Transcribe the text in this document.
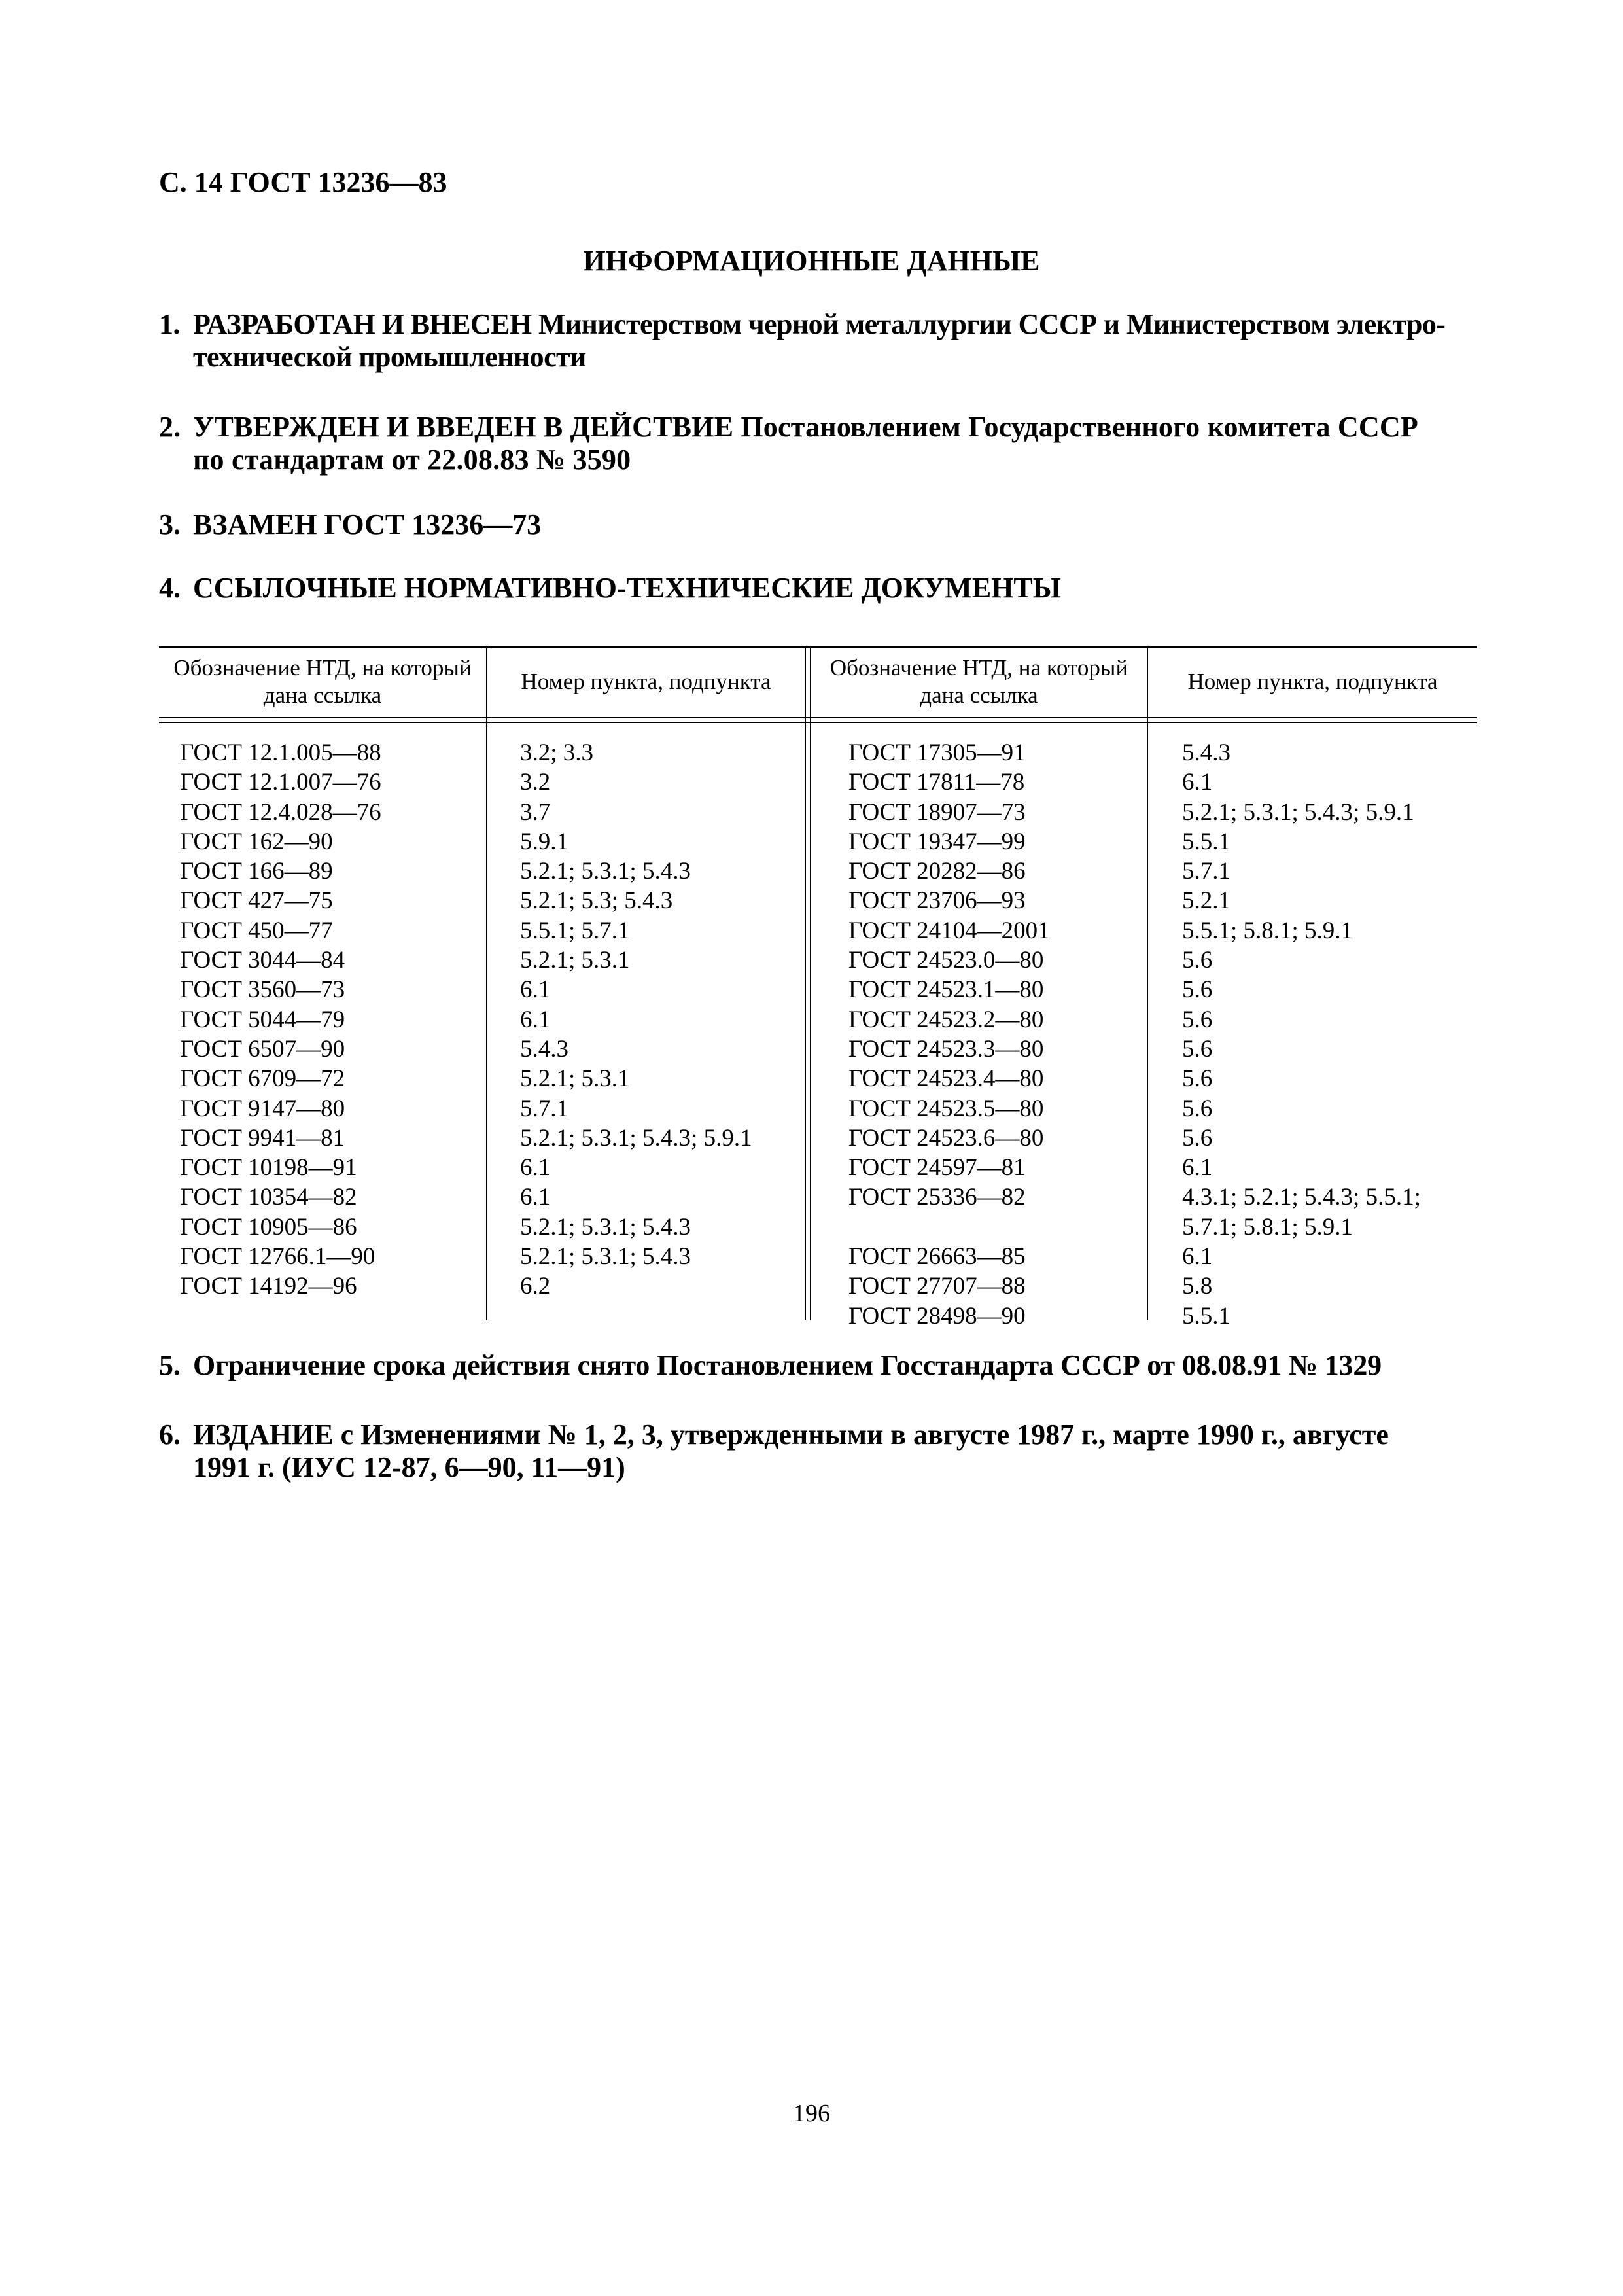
С. 14 ГОСТ 13236—83
ИНФОРМАЦИОННЫЕ ДАННЫЕ
1. РАЗРАБОТАН И ВНЕСЕН Министерством черной металлургии СССР и Министерством электро-
технической промышленности
2. УТВЕРЖДЕН И ВВЕДЕН В ДЕЙСТВИЕ Постановлением Государственного комитета СССР
по стандартам от 22.08.83 № 3590
3. ВЗАМЕН ГОСТ 13236—73
4. ССЫЛОЧНЫЕ НОРМАТИВНО-ТЕХНИЧЕСКИЕ ДОКУМЕНТЫ
Обозначение НТД, на который дана ссылка
Номер пункта, подпункта
Обозначение НТД, на который дана ссылка
Номер пункта, подпункта
ГОСТ 12.1.005—88
ГОСТ 12.1.007—76
ГОСТ 12.4.028—76
ГОСТ 162—90
ГОСТ 166—89
ГОСТ 427—75
ГОСТ 450—77
ГОСТ 3044—84
ГОСТ 3560—73
ГОСТ 5044—79
ГОСТ 6507—90
ГОСТ 6709—72
ГОСТ 9147—80
ГОСТ 9941—81
ГОСТ 10198—91
ГОСТ 10354—82
ГОСТ 10905—86
ГОСТ 12766.1—90
ГОСТ 14192—96
3.2; 3.3
3.2
3.7
5.9.1
5.2.1; 5.3.1; 5.4.3
5.2.1; 5.3; 5.4.3
5.5.1; 5.7.1
5.2.1; 5.3.1
6.1
6.1
5.4.3
5.2.1; 5.3.1
5.7.1
5.2.1; 5.3.1; 5.4.3; 5.9.1
6.1
6.1
5.2.1; 5.3.1; 5.4.3
5.2.1; 5.3.1; 5.4.3
6.2
ГОСТ 17305—91
ГОСТ 17811—78
ГОСТ 18907—73
ГОСТ 19347—99
ГОСТ 20282—86
ГОСТ 23706—93
ГОСТ 24104—2001
ГОСТ 24523.0—80
ГОСТ 24523.1—80
ГОСТ 24523.2—80
ГОСТ 24523.3—80
ГОСТ 24523.4—80
ГОСТ 24523.5—80
ГОСТ 24523.6—80
ГОСТ 24597—81
ГОСТ 25336—82
ГОСТ 26663—85
ГОСТ 27707—88
ГОСТ 28498—90
5.4.3
6.1
5.2.1; 5.3.1; 5.4.3; 5.9.1
5.5.1
5.7.1
5.2.1
5.5.1; 5.8.1; 5.9.1
5.6
5.6
5.6
5.6
5.6
5.6
5.6
6.1
4.3.1; 5.2.1; 5.4.3; 5.5.1;
5.7.1; 5.8.1; 5.9.1
6.1
5.8
5.5.1
5. Ограничение срока действия снято Постановлением Госстандарта СССР от 08.08.91 № 1329
6. ИЗДАНИЕ с Изменениями № 1, 2, 3, утвержденными в августе 1987 г., марте 1990 г., августе
1991 г. (ИУС 12-87, 6—90, 11—91)
196
